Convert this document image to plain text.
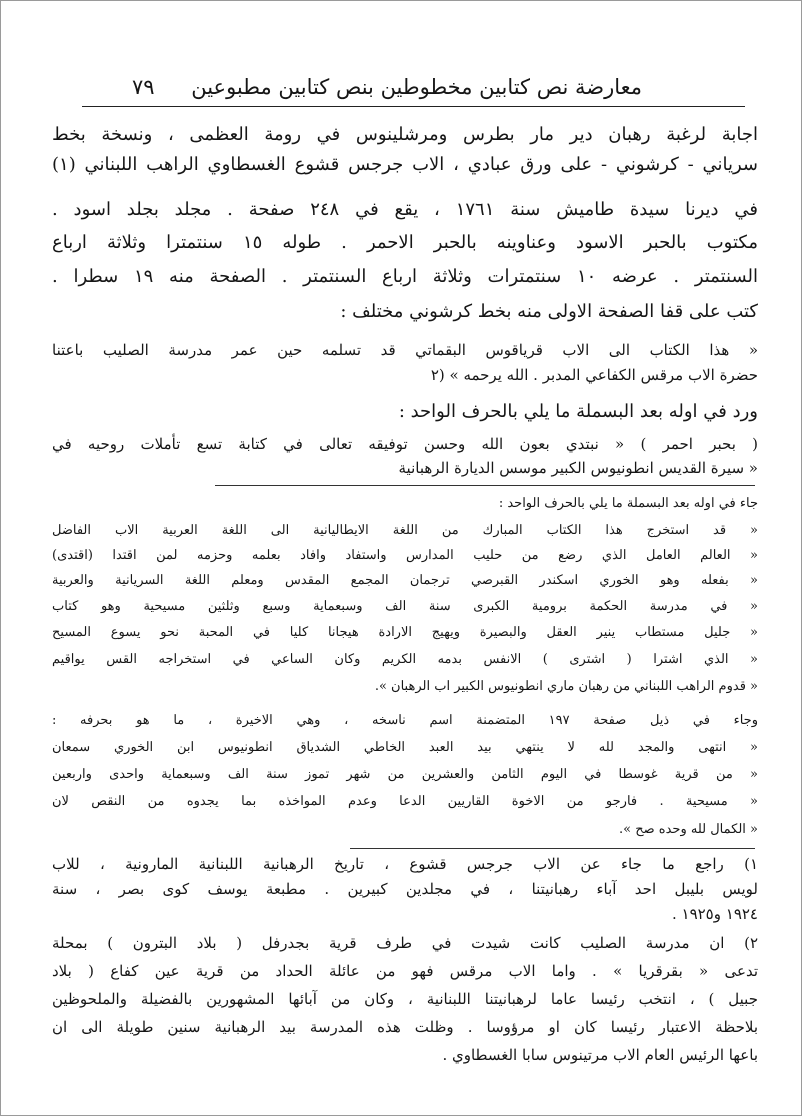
معارضة نص كتابين مخطوطين بنص كتابين مطبوعين
٧٩
اجابة لرغبة رهبان دير مار بطرس ومرشلينوس في رومة العظمى ، ونسخة بخط
سرياني - كرشوني - على ورق عبادي ، الاب جرجس قشوع الغسطاوي الراهب اللبناني (١)
في ديرنا سيدة طاميش سنة ١٧٦١ ، يقع في ٢٤٨ صفحة . مجلد بجلد اسود .
مكتوب بالحبر الاسود وعناوينه بالحبر الاحمر . طوله ١٥ سنتمترا وثلاثة ارباع
السنتمتر . عرضه ١٠ سنتمترات وثلاثة ارباع السنتمتر . الصفحة منه ١٩ سطرا .
كتب على قفا الصفحة الاولى منه بخط كرشوني مختلف :
« هذا الكتاب الى الاب قرياقوس البقماتي قد تسلمه حين عمر مدرسة الصليب باعتنا
حضرة الاب مرقس الكفاعي المدبر . الله يرحمه » (٢
ورد في اوله بعد البسملة ما يلي بالحرف الواحد :
( بحبر احمر ) « نبتدي بعون الله وحسن توفيقه تعالى في كتابة تسع تأملات روحيه في
« سيرة القديس انطونيوس الكبير موسس الديارة الرهبانية
جاء في اوله بعد البسملة ما يلي بالحرف الواحد :
« قد استخرج هذا الكتاب المبارك من اللغة الايطاليانية الى اللغة العربية الاب الفاضل
« العالم العامل الذي رضع من حليب المدارس واستفاد وافاد بعلمه وحزمه لمن اقتدا (اقتدى)
« بفعله وهو الخوري اسكندر القبرصي ترجمان المجمع المقدس ومعلم اللغة السريانية والعربية
« في مدرسة الحكمة برومية الكبرى سنة الف وسبعماية وسبع وثلثين مسيحية وهو كتاب
« جليل مستطاب ينير العقل والبصيرة ويهيج الارادة هيجانا كليا في المحبة نحو يسوع المسيح
« الذي اشترا ( اشترى ) الانفس بدمه الكريم وكان الساعي في استخراجه القس يواقيم
« قدوم الراهب اللبناني من رهبان ماري انطونيوس الكبير اب الرهبان ».
وجاء في ذيل صفحة ١٩٧ المتضمنة اسم ناسخه ، وهي الاخيرة ، ما هو بحرفه :
« انتهى والمجد لله لا ينتهي بيد العبد الخاطي الشدياق انطونيوس ابن الخوري سمعان
« من قرية غوسطا في اليوم الثامن والعشرين من شهر تموز سنة الف وسبعماية واحدى واربعين
« مسيحية . فارجو من الاخوة القاريين الدعا وعدم المواخذه بما يجدوه من النقص لان
« الكمال لله وحده صح ».
١) راجع ما جاء عن الاب جرجس قشوع ، تاريخ الرهبانية اللبنانية المارونية ، للاب
لويس بليبل احد آباء رهبانيتنا ، في مجلدين كبيرين . مطبعة يوسف كوى بصر ، سنة
١٩٢٤ و١٩٢٥ .
٢) ان مدرسة الصليب كانت شيدت في طرف قرية بجدرفل ( بلاد البترون ) بمحلة
تدعى « بقرقريا » . واما الاب مرقس فهو من عائلة الحداد من قرية عين كفاع ( بلاد
جبيل ) ، انتخب رئيسا عاما لرهبانيتنا اللبنانية ، وكان من آبائها المشهورين بالفضيلة والملحوظين
بلاحظة الاعتبار رئيسا كان او مرؤوسا . وظلت هذه المدرسة بيد الرهبانية سنين طويلة الى ان
باعها الرئيس العام الاب مرتينوس سابا الغسطاوي .
